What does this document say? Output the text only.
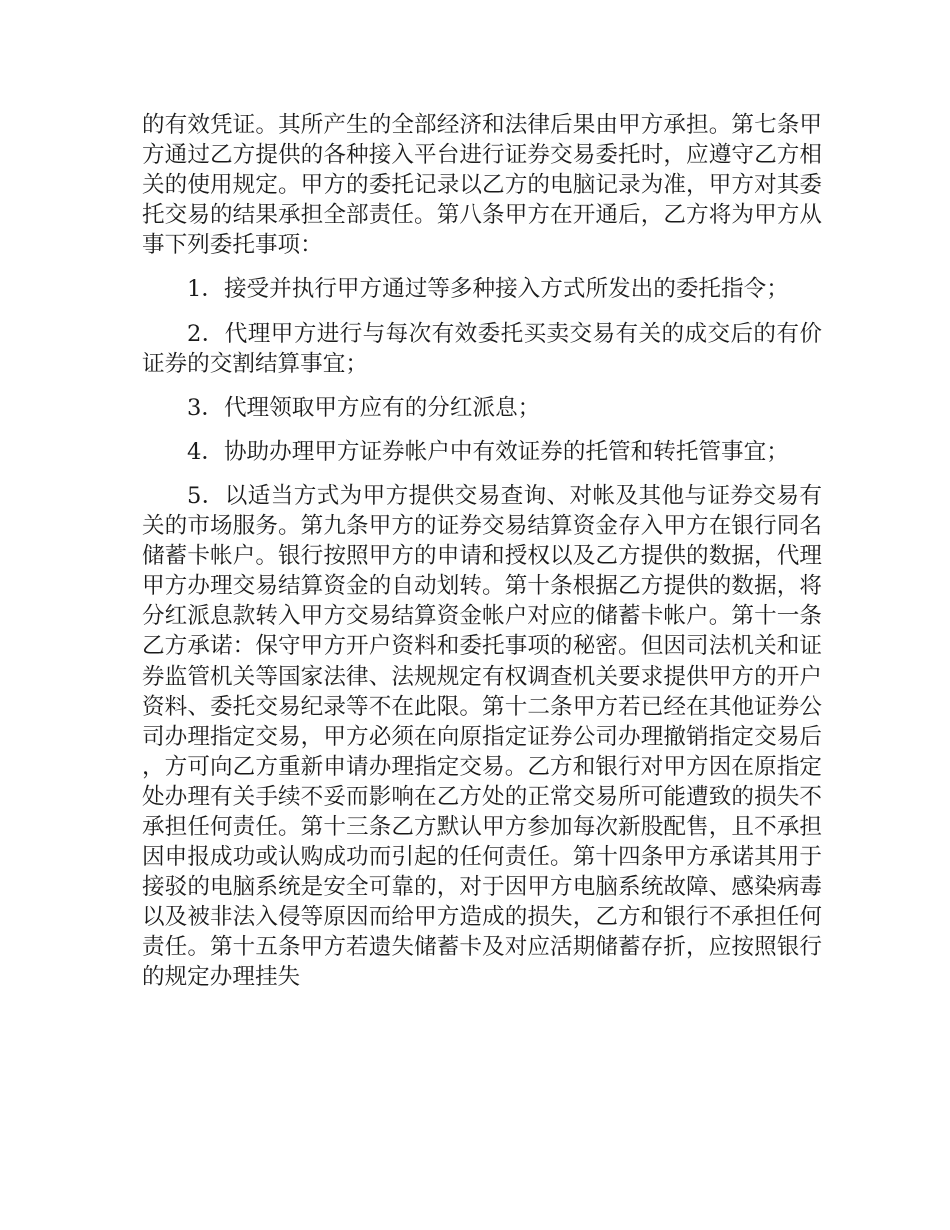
的有效凭证。其所产生的全部经济和法律后果由甲方承担。第七条甲方通过乙方提供的各种接入平台进行证券交易委托时，应遵守乙方相关的使用规定。甲方的委托记录以乙方的电脑记录为准，甲方对其委托交易的结果承担全部责任。第八条甲方在开通后，乙方将为甲方从事下列委托事项：

1．接受并执行甲方通过等多种接入方式所发出的委托指令；

2．代理甲方进行与每次有效委托买卖交易有关的成交后的有价证券的交割结算事宜；

3．代理领取甲方应有的分红派息；

4．协助办理甲方证券帐户中有效证券的托管和转托管事宜；

5．以适当方式为甲方提供交易查询、对帐及其他与证券交易有关的市场服务。第九条甲方的证券交易结算资金存入甲方在银行同名储蓄卡帐户。银行按照甲方的申请和授权以及乙方提供的数据，代理甲方办理交易结算资金的自动划转。第十条根据乙方提供的数据，将分红派息款转入甲方交易结算资金帐户对应的储蓄卡帐户。第十一条乙方承诺：保守甲方开户资料和委托事项的秘密。但因司法机关和证券监管机关等国家法律、法规规定有权调查机关要求提供甲方的开户资料、委托交易纪录等不在此限。第十二条甲方若已经在其他证券公司办理指定交易，甲方必须在向原指定证券公司办理撤销指定交易后，方可向乙方重新申请办理指定交易。乙方和银行对甲方因在原指定处办理有关手续不妥而影响在乙方处的正常交易所可能遭致的损失不承担任何责任。第十三条乙方默认甲方参加每次新股配售，且不承担因申报成功或认购成功而引起的任何责任。第十四条甲方承诺其用于接驳的电脑系统是安全可靠的，对于因甲方电脑系统故障、感染病毒以及被非法入侵等原因而给甲方造成的损失，乙方和银行不承担任何责任。第十五条甲方若遗失储蓄卡及对应活期储蓄存折，应按照银行的规定办理挂失
